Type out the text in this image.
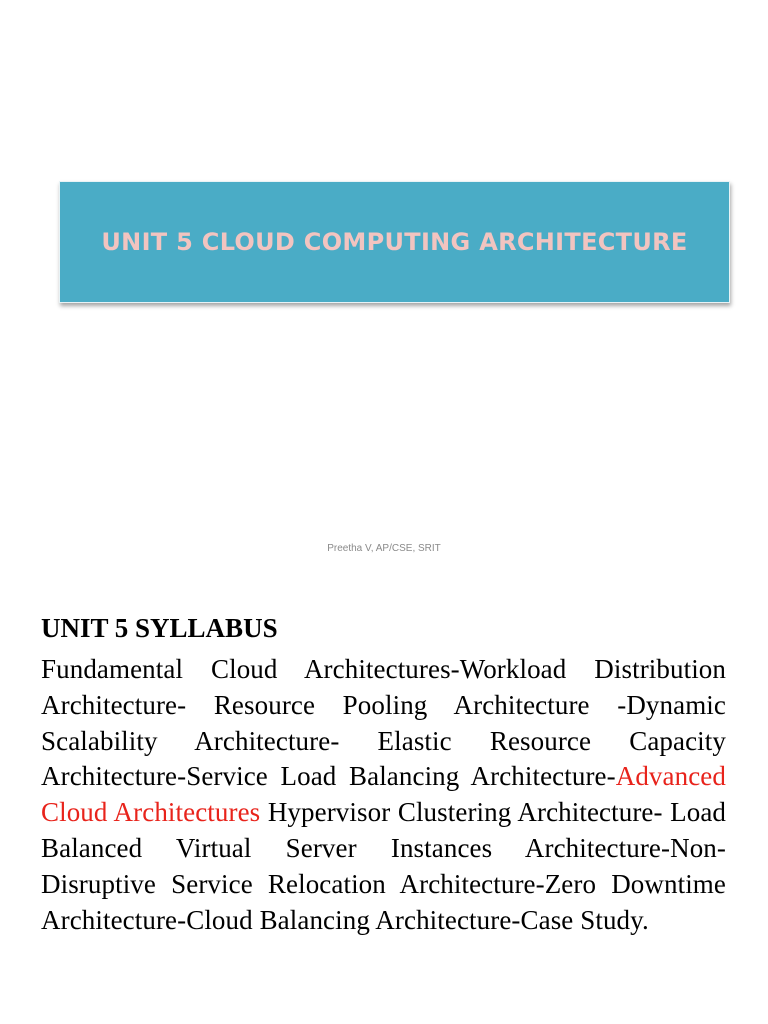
UNIT 5 CLOUD COMPUTING ARCHITECTURE
Preetha V, AP/CSE, SRIT
UNIT 5 SYLLABUS

Fundamental Cloud Architectures-Workload Distribution Architecture- Resource Pooling Architecture -Dynamic Scalability Architecture- Elastic Resource Capacity Architecture-Service Load Balancing Architecture-Advanced Cloud Architectures Hypervisor Clustering Architecture- Load Balanced Virtual Server Instances Architecture-Non-Disruptive Service Relocation Architecture-Zero Downtime Architecture-Cloud Balancing Architecture-Case Study.
